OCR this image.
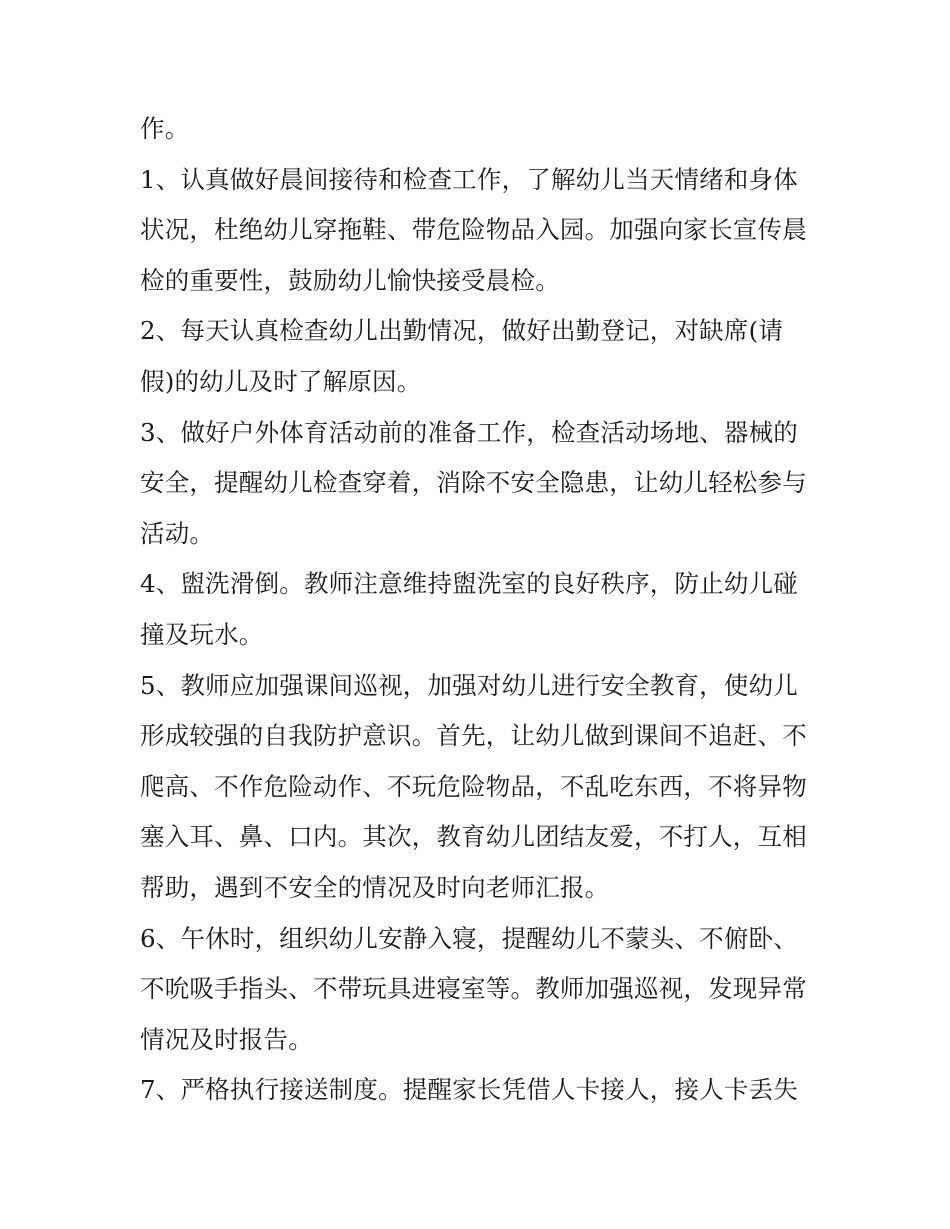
作。
1、认真做好晨间接待和检查工作，了解幼儿当天情绪和身体
状况，杜绝幼儿穿拖鞋、带危险物品入园。加强向家长宣传晨
检的重要性，鼓励幼儿愉快接受晨检。
2、每天认真检查幼儿出勤情况，做好出勤登记，对缺席(请
假)的幼儿及时了解原因。
3、做好户外体育活动前的准备工作，检查活动场地、器械的
安全，提醒幼儿检查穿着，消除不安全隐患，让幼儿轻松参与
活动。
4、盥洗滑倒。教师注意维持盥洗室的良好秩序，防止幼儿碰
撞及玩水。
5、教师应加强课间巡视，加强对幼儿进行安全教育，使幼儿
形成较强的自我防护意识。首先，让幼儿做到课间不追赶、不
爬高、不作危险动作、不玩危险物品，不乱吃东西，不将异物
塞入耳、鼻、口内。其次，教育幼儿团结友爱，不打人，互相
帮助，遇到不安全的情况及时向老师汇报。
6、午休时，组织幼儿安静入寝，提醒幼儿不蒙头、不俯卧、
不吮吸手指头、不带玩具进寝室等。教师加强巡视，发现异常
情况及时报告。
7、严格执行接送制度。提醒家长凭借人卡接人，接人卡丢失
